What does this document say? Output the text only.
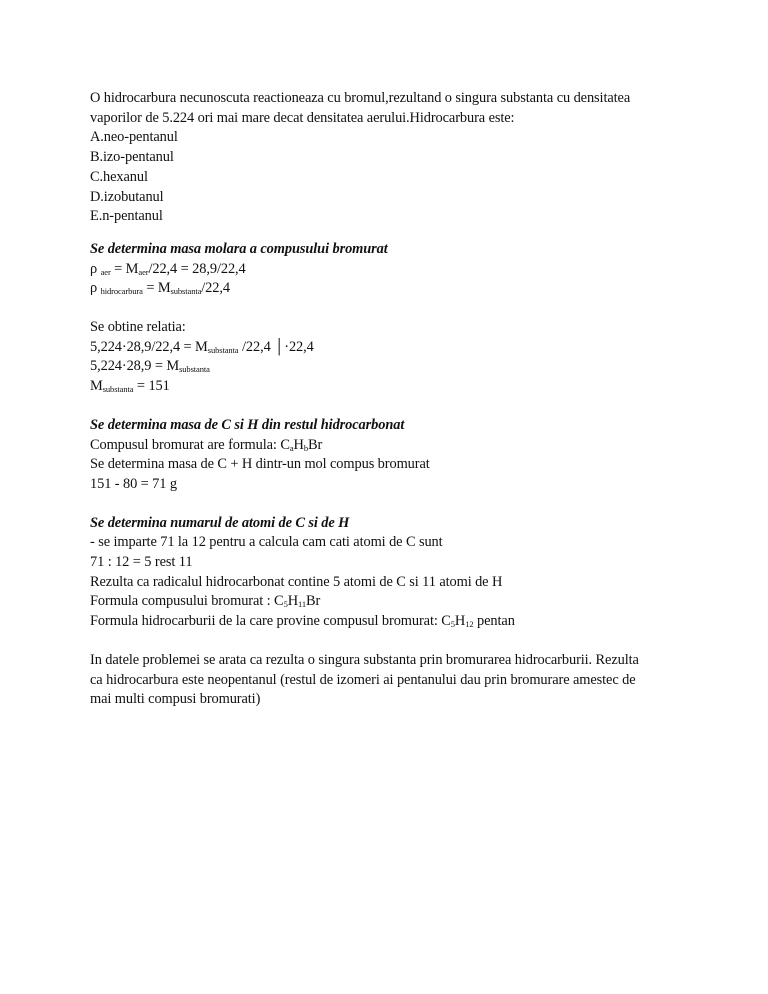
O hidrocarbura necunoscuta reactioneaza cu bromul,rezultand o singura substanta cu densitatea
vaporilor de 5.224 ori mai mare decat densitatea aerului.Hidrocarbura este:
A.neo-pentanul
B.izo-pentanul
C.hexanul
D.izobutanul
E.n-pentanul
Se determina masa molara a compusului bromurat
ρ $_{aer} = M_{aer}/22,4 = 28,9/22,4$
ρ $_{hidrocarbura} = M_{substanta}/22,4$
Se obtine relatia:
$5,224\cdot 28,9/22,4 = M_{substanta}$ /22,4 │·22,4
$5,224\cdot 28,9 = M_{substanta}$
$M_{substanta} = 151$
Se determina masa de C si H din restul hidrocarbonat
Compusul bromurat are formula: $C_aH_bBr$
Se determina masa de C + H dintr-un mol compus bromurat
151 - 80 = 71 g
Se determina numarul de atomi de C si de H
- se imparte 71 la 12 pentru a calcula cam cati atomi de C sunt
71 : 12 = 5 rest 11
Rezulta ca radicalul hidrocarbonat contine 5 atomi de C si 11 atomi de H
Formula compusului bromurat : $C_5H_{11}Br$
Formula hidrocarburii de la care provine compusul bromurat: $C_5H_{12}$ pentan
In datele problemei se arata ca rezulta o singura substanta prin bromurarea hidrocarburii. Rezulta
ca hidrocarbura este neopentanul (restul de izomeri ai pentanului dau prin bromurare amestec de
mai multi compusi bromurati)
